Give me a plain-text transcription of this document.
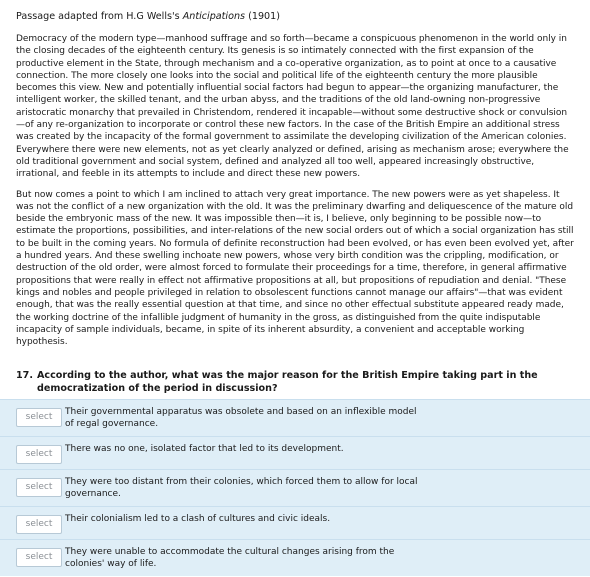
Passage adapted from H.G Wells's Anticipations (1901)

Democracy of the modern type—manhood suffrage and so forth—became a conspicuous phenomenon in the world only in the closing decades of the eighteenth century. Its genesis is so intimately connected with the first expansion of the productive element in the State, through mechanism and a co-operative organization, as to point at once to a causative connection. The more closely one looks into the social and political life of the eighteenth century the more plausible becomes this view. New and potentially influential social factors had begun to appear—the organizing manufacturer, the intelligent worker, the skilled tenant, and the urban abyss, and the traditions of the old land-owning non-progressive aristocratic monarchy that prevailed in Christendom, rendered it incapable—without some destructive shock or convulsion—of any re-organization to incorporate or control these new factors. In the case of the British Empire an additional stress was created by the incapacity of the formal government to assimilate the developing civilization of the American colonies. Everywhere there were new elements, not as yet clearly analyzed or defined, arising as mechanism arose; everywhere the old traditional government and social system, defined and analyzed all too well, appeared increasingly obstructive, irrational, and feeble in its attempts to include and direct these new powers.

But now comes a point to which I am inclined to attach very great importance. The new powers were as yet shapeless. It was not the conflict of a new organization with the old. It was the preliminary dwarfing and deliquescence of the mature old beside the embryonic mass of the new. It was impossible then—it is, I believe, only beginning to be possible now—to estimate the proportions, possibilities, and inter-relations of the new social orders out of which a social organization has still to be built in the coming years. No formula of definite reconstruction had been evolved, or has even been evolved yet, after a hundred years. And these swelling inchoate new powers, whose very birth condition was the crippling, modification, or destruction of the old order, were almost forced to formulate their proceedings for a time, therefore, in general affirmative propositions that were really in effect not affirmative propositions at all, but propositions of repudiation and denial. "These kings and nobles and people privileged in relation to obsolescent functions cannot manage our affairs"—that was evident enough, that was the really essential question at that time, and since no other effectual substitute appeared ready made, the working doctrine of the infallible judgment of humanity in the gross, as distinguished from the quite indisputable incapacity of sample individuals, became, in spite of its inherent absurdity, a convenient and acceptable working hypothesis.

17. According to the author, what was the major reason for the British Empire taking part in the democratization of the period in discussion?
select	Their governmental apparatus was obsolete and based on an inflexible model of regal governance.
select	There was no one, isolated factor that led to its development.
select	They were too distant from their colonies, which forced them to allow for local governance.
select	Their colonialism led to a clash of cultures and civic ideals.
select	They were unable to accommodate the cultural changes arising from the colonies' way of life.
